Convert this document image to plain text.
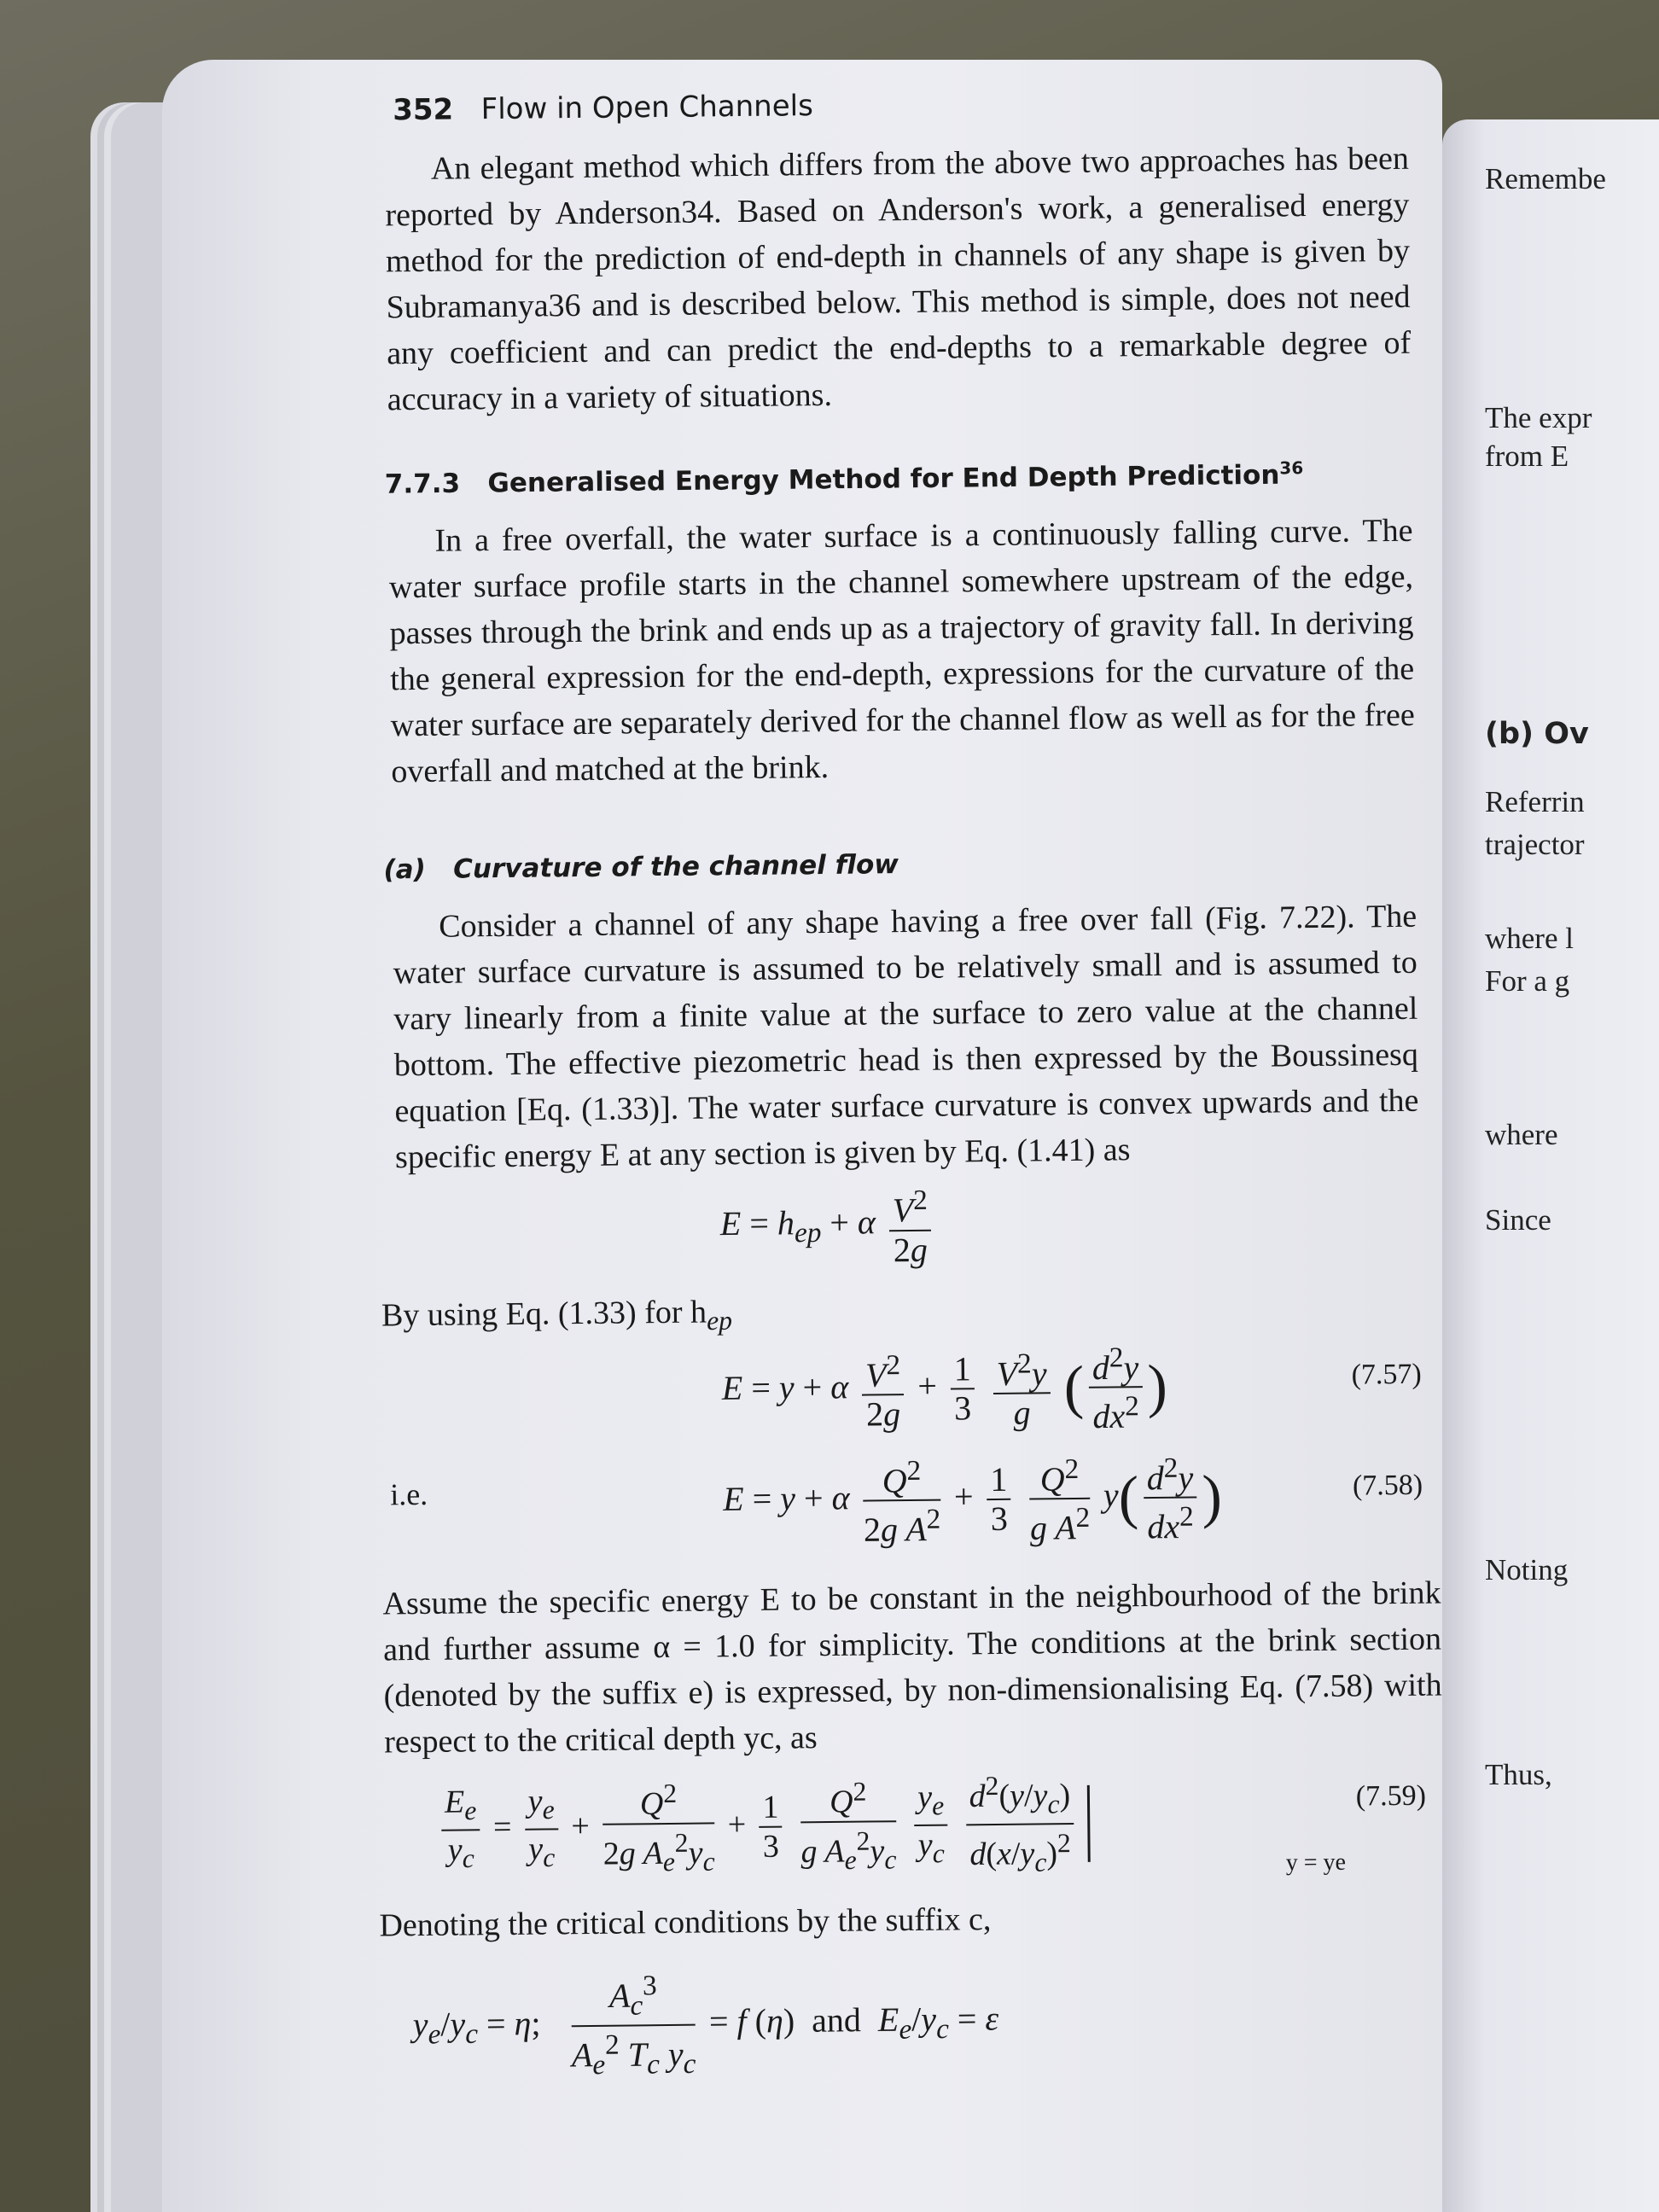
Remembe
The expr
from E
(b) Ov
Referrin
trajector
where l
For a g
where
Since
Noting
Thus,
352 Flow in Open Channels

An elegant method which differs from the above two approaches has been reported by Anderson34. Based on Anderson's work, a generalised energy method for the prediction of end-depth in channels of any shape is given by Subramanya36 and is described below. This method is simple, does not need any coefficient and can predict the end-depths to a remarkable degree of accuracy in a variety of situations.

7.7.3 Generalised Energy Method for End Depth Prediction$^{36}$

In a free overfall, the water surface is a continuously falling curve. The water surface profile starts in the channel somewhere upstream of the edge, passes through the brink and ends up as a trajectory of gravity fall. In deriving the general expression for the end-depth, expressions for the curvature of the water surface are separately derived for the channel flow as well as for the free overfall and matched at the brink.

(a) Curvature of the channel flow

Consider a channel of any shape having a free over fall (Fig. 7.22). The water surface curvature is assumed to be relatively small and is assumed to vary linearly from a finite value at the surface to zero value at the channel bottom. The effective piezometric head is then expressed by the Boussinesq equation [Eq. (1.33)]. The water surface curvature is convex upwards and the specific energy E at any section is given by Eq. (1.41) as

$E = h_{ep} + \alpha \frac{V^2}{2g}$
By using Eq. (1.33) for $h_{ep}$
E = y + α $\frac{V^2}{2g} + \frac{1}{3}$
$\frac{V^2y}{g}$ ( $\frac{d^2y}{dx^2}$ )	(7.57)
i.e.	E = y + α $\frac{Q^2}{2g A^2} + \frac{1}{3}$
$\frac{Q^2}{g A^2} y( \frac{d^2y}{dx^2}$ )	(7.58)

Assume the specific energy E to be constant in the neighbourhood of the brink and further assume α = 1.0 for simplicity. The conditions at the brink section (denoted by the suffix e) is expressed, by non-dimensionalising Eq. (7.58) with respect to the critical depth yc, as

$\frac{E_e}{y_c} = \frac{y_e}{y_c} + \frac{Q^2}{2g A_e^2y_c} + \frac{1}{3}$
$\frac{Q^2}{g A_e^2y_c}$
$\frac{y_e}{y_c}$
$\frac{d^2(y/y_c)}{d(x/y_c)^2}$	y = ye
(7.59)
Denoting the critical conditions by the suffix c,
$y_e/y_c = \eta$; $\frac{A_c^3}{A_e^2 T_c y_c} = f$ (η)  and  $E_e/y_c = \varepsilon$
